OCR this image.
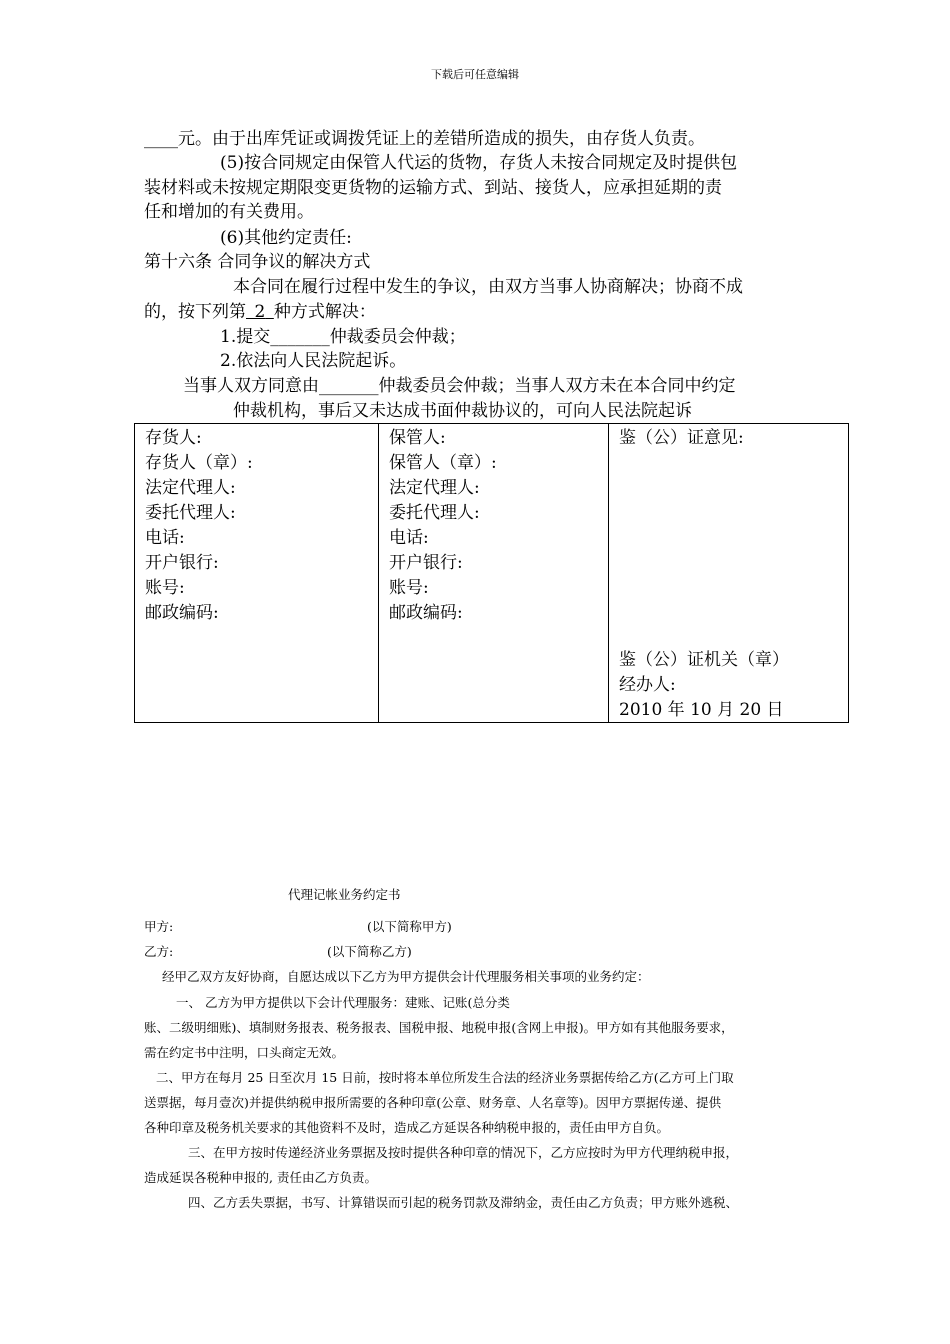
下载后可任意编辑
____元。由于出库凭证或调拨凭证上的差错所造成的损失，由存货人负责。
(5)按合同规定由保管人代运的货物，存货人未按合同规定及时提供包
装材料或未按规定期限变更货物的运输方式、到站、接货人，应承担延期的责
任和增加的有关费用。
(6)其他约定责任:
第十六条 合同争议的解决方式
本合同在履行过程中发生的争议，由双方当事人协商解决；协商不成
的，按下列第  2  种方式解决：
1.提交_______仲裁委员会仲裁；
2.依法向人民法院起诉。
当事人双方同意由_______仲裁委员会仲裁；当事人双方未在本合同中约定
仲裁机构，事后又未达成书面仲裁协议的，可向人民法院起诉
存货人:
存货人（章）:
法定代理人:
委托代理人:
电话:
开户银行:
账号:
邮政编码:

保管人:
保管人（章）:
法定代理人:
委托代理人:
电话:
开户银行:
账号:
邮政编码:

鉴（公）证意见:
鉴（公）证机关（章）
经办人:
2010 年 10 月 20 日
代理记帐业务约定书
甲方:	(以下简称甲方)
乙方:	(以下简称乙方)
经甲乙双方友好协商，自愿达成以下乙方为甲方提供会计代理服务相关事项的业务约定：
一、 乙方为甲方提供以下会计代理服务：建账、记账(总分类
账、二级明细账)、填制财务报表、税务报表、国税申报、地税申报(含网上申报)。甲方如有其他服务要求，
需在约定书中注明，口头商定无效。
二、甲方在每月 25 日至次月 15 日前，按时将本单位所发生合法的经济业务票据传给乙方(乙方可上门取
送票据，每月壹次)并提供纳税申报所需要的各种印章(公章、财务章、人名章等)。因甲方票据传递、提供
各种印章及税务机关要求的其他资料不及时，造成乙方延误各种纳税申报的，责任由甲方自负。
三、在甲方按时传递经济业务票据及按时提供各种印章的情况下，乙方应按时为甲方代理纳税申报，
造成延误各税种申报的, 责任由乙方负责。
四、乙方丢失票据，书写、计算错误而引起的税务罚款及滞纳金，责任由乙方负责；甲方账外逃税、
